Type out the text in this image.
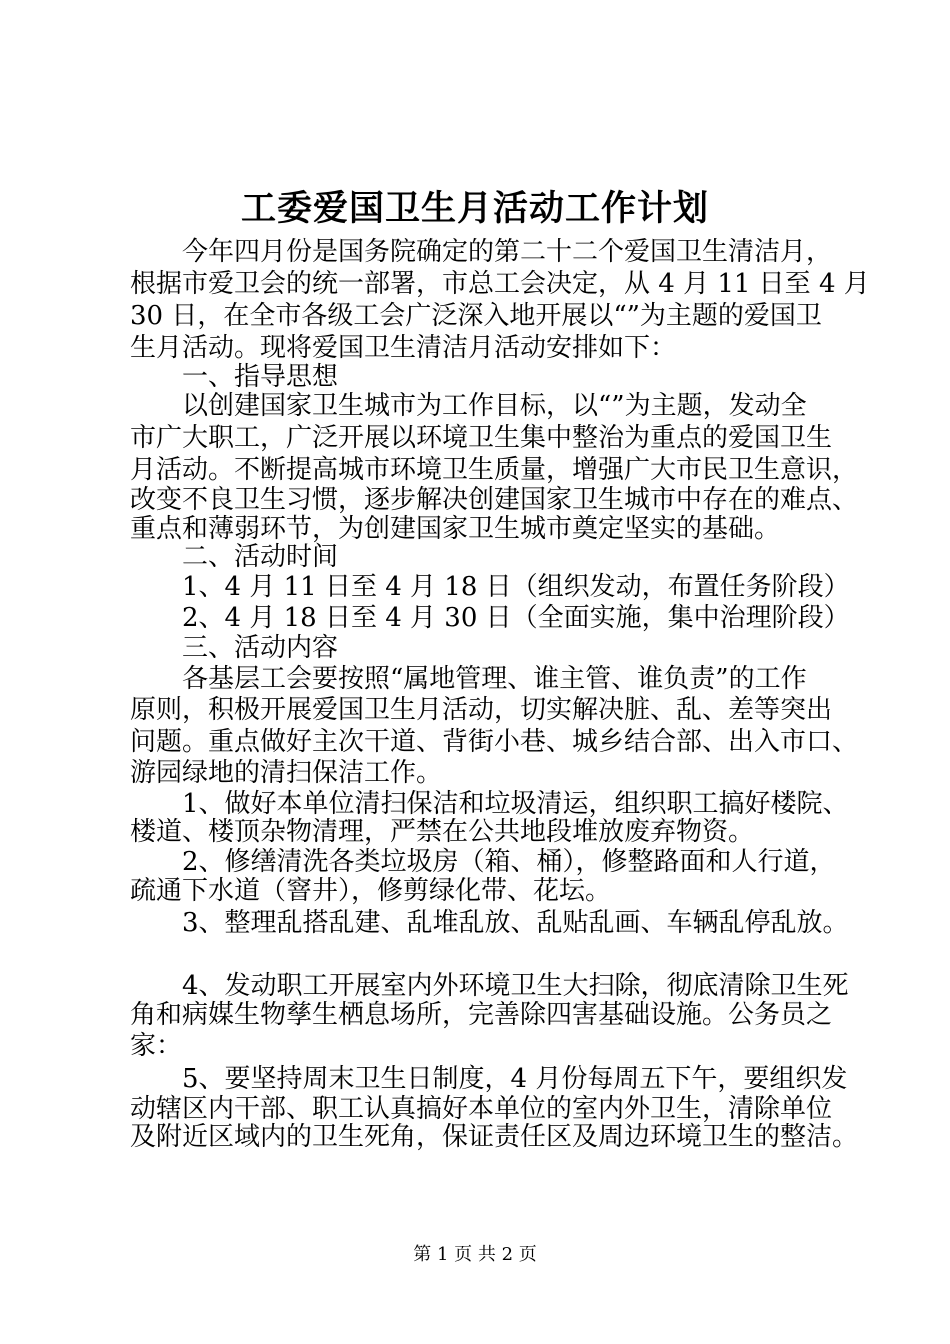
工委爱国卫生月活动工作计划
　　今年四月份是国务院确定的第二十二个爱国卫生清洁月，
根据市爱卫会的统一部署，市总工会决定，从 4 月 11 日至 4 月
30 日，在全市各级工会广泛深入地开展以“”为主题的爱国卫
生月活动。现将爱国卫生清洁月活动安排如下：
　　一、指导思想
　　以创建国家卫生城市为工作目标，以“”为主题，发动全
市广大职工，广泛开展以环境卫生集中整治为重点的爱国卫生
月活动。不断提高城市环境卫生质量，增强广大市民卫生意识，
改变不良卫生习惯，逐步解决创建国家卫生城市中存在的难点、
重点和薄弱环节，为创建国家卫生城市奠定坚实的基础。
　　二、活动时间
　　1、4 月 11 日至 4 月 18 日（组织发动，布置任务阶段）
　　2、4 月 18 日至 4 月 30 日（全面实施，集中治理阶段）
　　三、活动内容
　　各基层工会要按照“属地管理、谁主管、谁负责”的工作
原则，积极开展爱国卫生月活动，切实解决脏、乱、差等突出
问题。重点做好主次干道、背街小巷、城乡结合部、出入市口、
游园绿地的清扫保洁工作。
　　1、做好本单位清扫保洁和垃圾清运，组织职工搞好楼院、
楼道、楼顶杂物清理，严禁在公共地段堆放废弃物资。
　　2、修缮清洗各类垃圾房（箱、桶），修整路面和人行道，
疏通下水道（窨井），修剪绿化带、花坛。
　　3、整理乱搭乱建、乱堆乱放、乱贴乱画、车辆乱停乱放。
　　4、发动职工开展室内外环境卫生大扫除，彻底清除卫生死
角和病媒生物孳生栖息场所，完善除四害基础设施。公务员之
家：
　　5、要坚持周末卫生日制度，4 月份每周五下午，要组织发
动辖区内干部、职工认真搞好本单位的室内外卫生，清除单位
及附近区域内的卫生死角，保证责任区及周边环境卫生的整洁。
第 1 页 共 2 页
